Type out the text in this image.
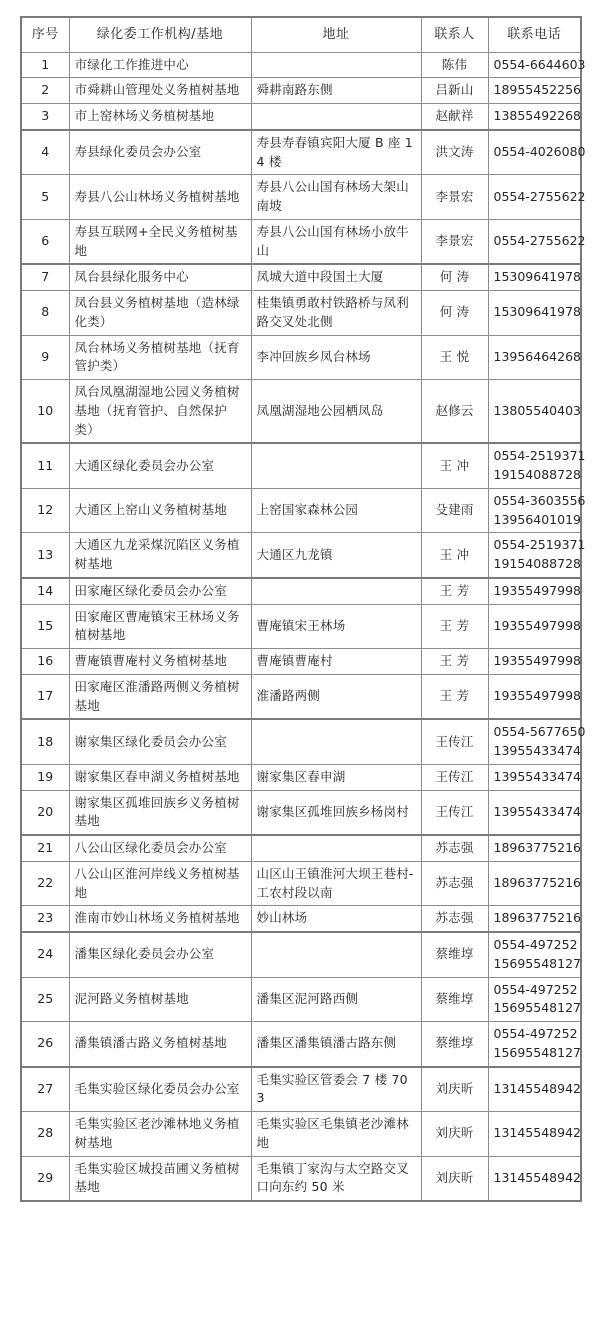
序号	绿化委工作机构/基地	地址	联系人	联系电话
1	市绿化工作推进中心		陈伟	0554-6644603

2	市舜耕山管理处义务植树基地	舜耕南路东侧	吕新山	18955452256

3	市上窑林场义务植树基地		赵献祥	13855492268

4	寿县绿化委员会办公室	寿县寿春镇宾阳大厦 B 座 14 楼	洪文涛	0554-4026080

5	寿县八公山林场义务植树基地	寿县八公山国有林场大架山南坡	李景宏	0554-2755622

6	寿县互联网+全民义务植树基地	寿县八公山国有林场小放牛山	李景宏	0554-2755622

7	凤台县绿化服务中心	凤城大道中段国土大厦	何 涛	15309641978

8	凤台县义务植树基地（造林绿化类）	桂集镇勇敢村铁路桥与凤利路交叉处北侧	何 涛	15309641978

9	凤台林场义务植树基地（抚育管护类）	李冲回族乡凤台林场	王 悦	13956464268

10	凤台凤凰湖湿地公园义务植树基地（抚育管护、自然保护类）	凤凰湖湿地公园栖凤岛	赵修云	13805540403

11	大通区绿化委员会办公室		王 冲	0554-2519371
19154088728

12	大通区上窑山义务植树基地	上窑国家森林公园	殳建雨	0554-3603556
13956401019

13	大通区九龙采煤沉陷区义务植树基地	大通区九龙镇	王 冲	0554-2519371
19154088728

14	田家庵区绿化委员会办公室		王 芳	19355497998

15	田家庵区曹庵镇宋王林场义务植树基地	曹庵镇宋王林场	王 芳	19355497998

16	曹庵镇曹庵村义务植树基地	曹庵镇曹庵村	王 芳	19355497998

17	田家庵区淮潘路两侧义务植树基地	淮潘路两侧	王 芳	19355497998

18	谢家集区绿化委员会办公室		王传江	0554-5677650
13955433474

19	谢家集区春申湖义务植树基地	谢家集区春申湖	王传江	13955433474

20	谢家集区孤堆回族乡义务植树基地	谢家集区孤堆回族乡杨岗村	王传江	13955433474

21	八公山区绿化委员会办公室		苏志强	18963775216

22	八公山区淮河岸线义务植树基地	山区山王镇淮河大坝王巷村-工农村段以南	苏志强	18963775216

23	淮南市妙山林场义务植树基地	妙山林场	苏志强	18963775216

24	潘集区绿化委员会办公室		蔡维埻	0554-497252
15695548127

25	泥河路义务植树基地	潘集区泥河路西侧	蔡维埻	0554-497252
15695548127

26	潘集镇潘古路义务植树基地	潘集区潘集镇潘古路东侧	蔡维埻	0554-497252
15695548127

27	毛集实验区绿化委员会办公室	毛集实验区管委会 7 楼 703	刘庆昕	13145548942

28	毛集实验区老沙滩林地义务植树基地	毛集实验区毛集镇老沙滩林地	刘庆昕	13145548942

29	毛集实验区城投苗圃义务植树基地	毛集镇丁家沟与太空路交叉口向东约 50 米	刘庆昕	13145548942
